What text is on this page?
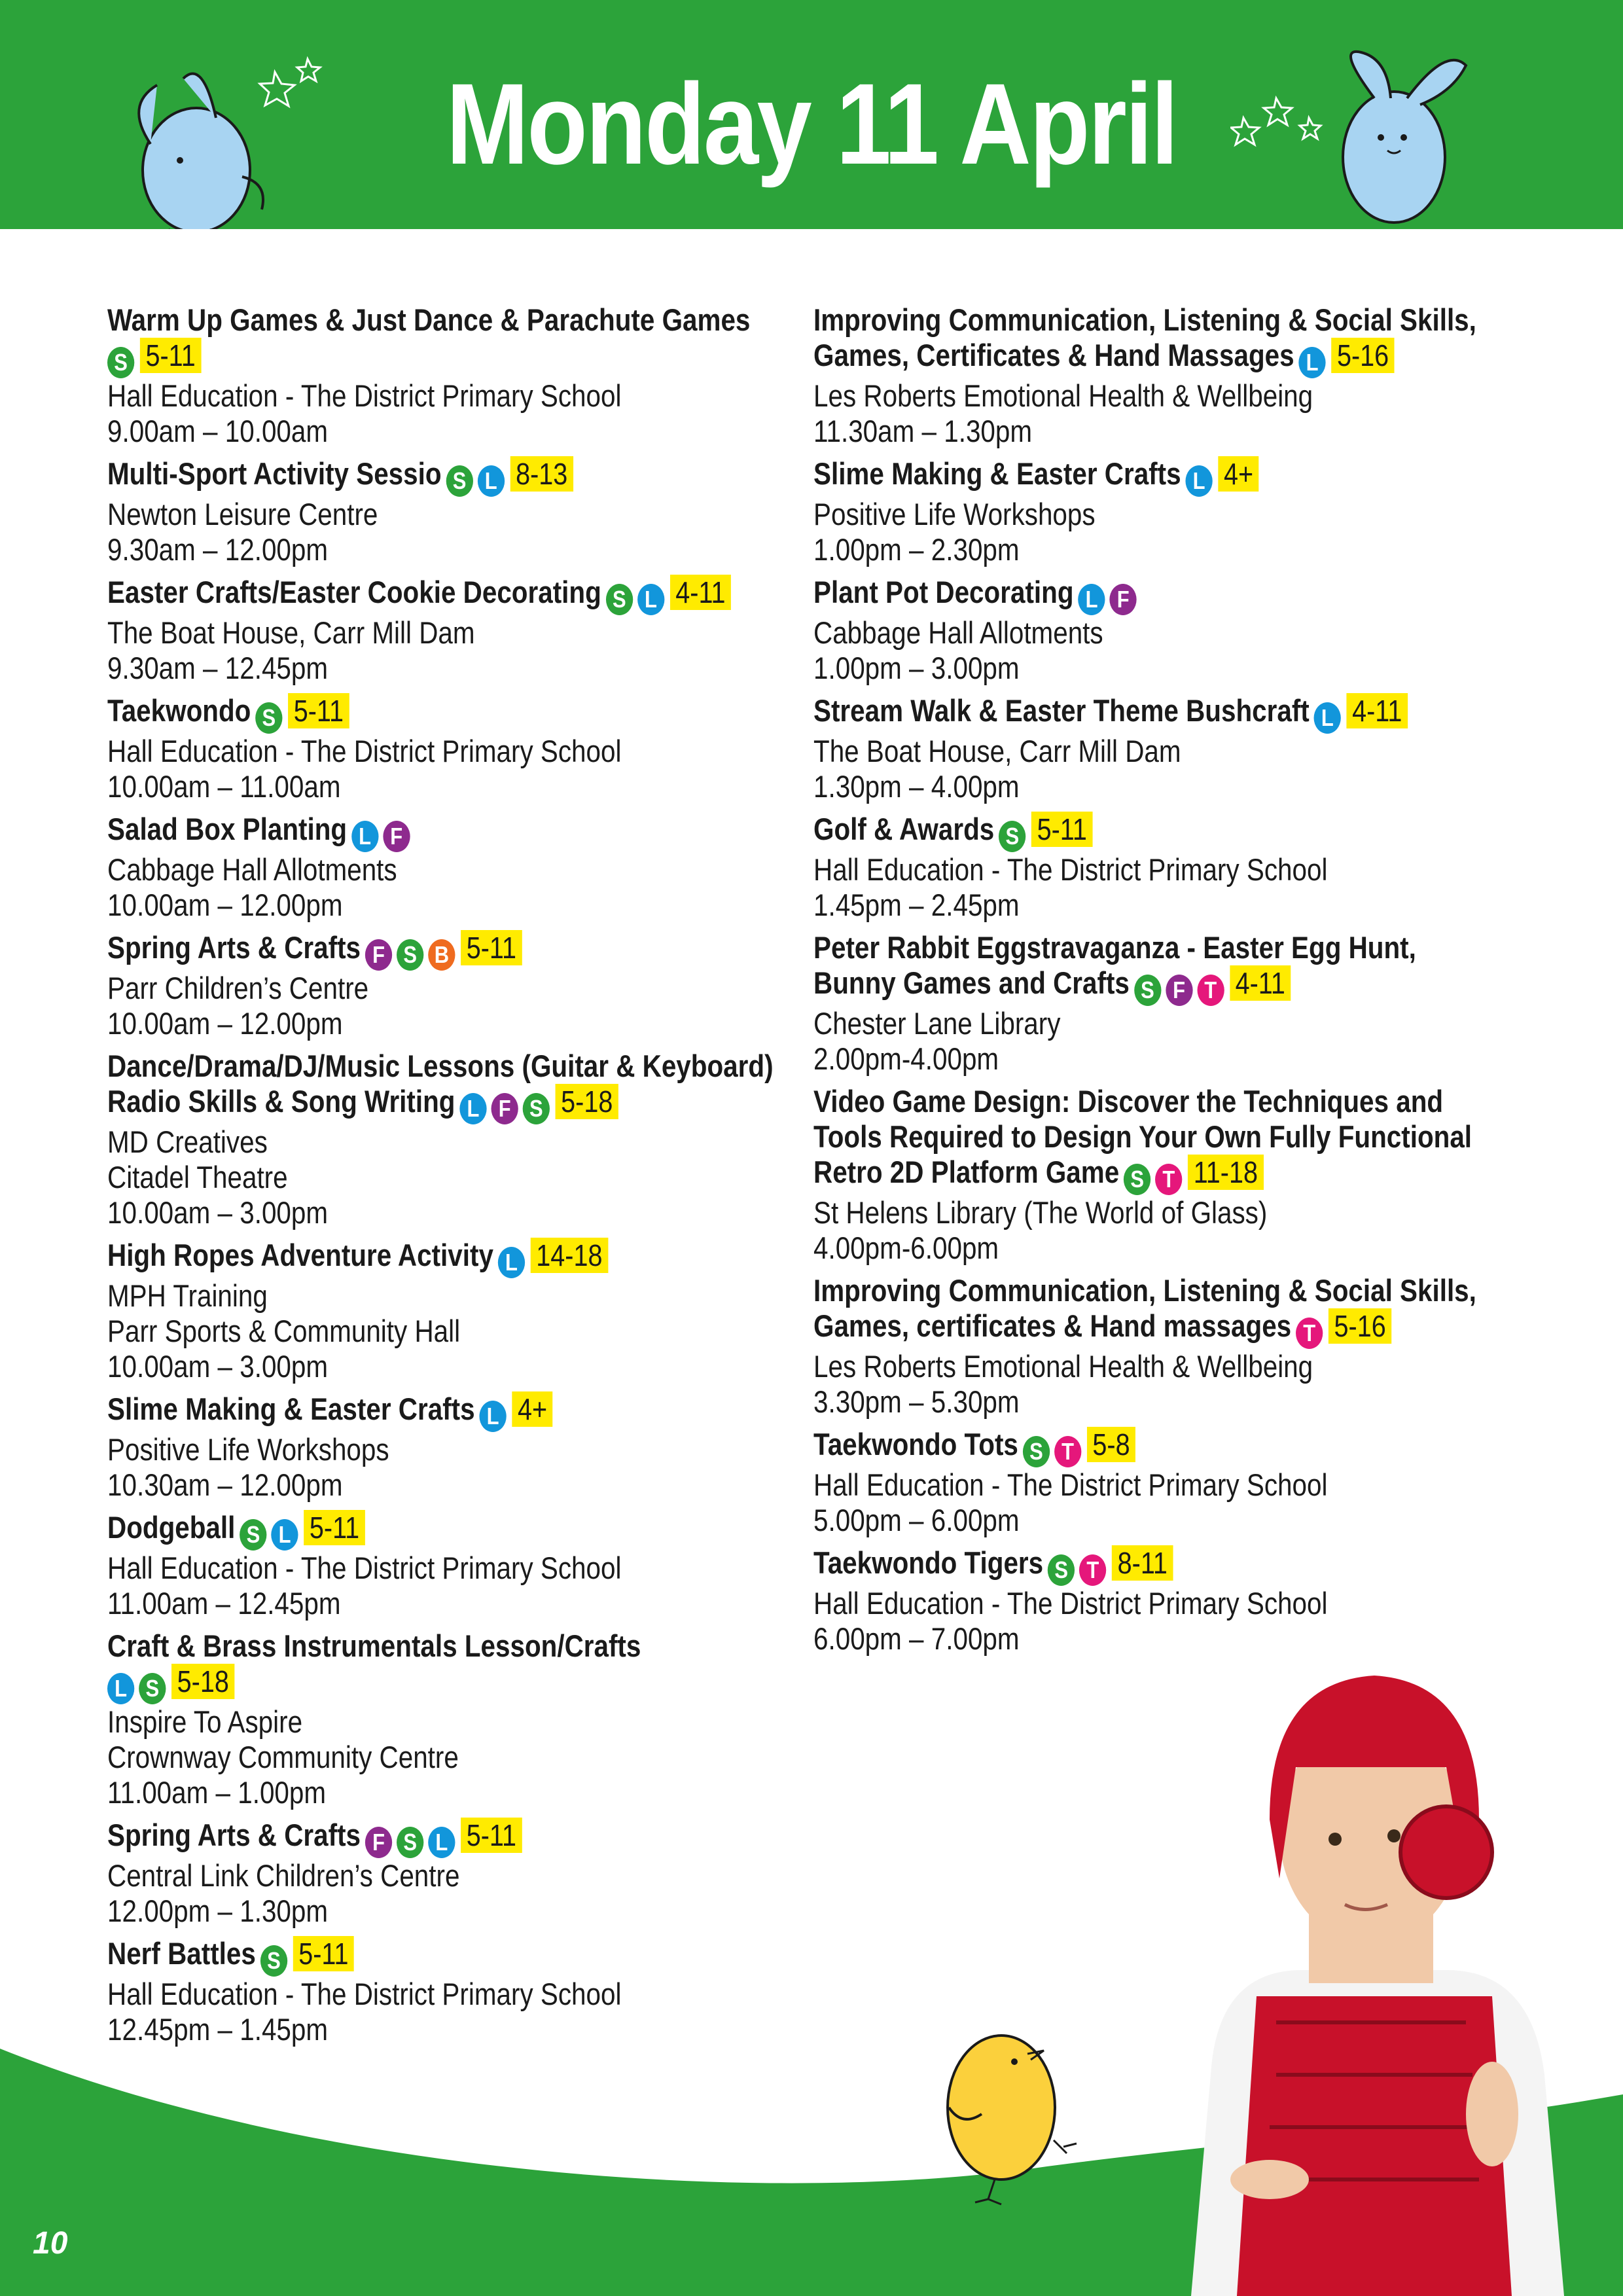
Monday 11 April
Warm Up Games & Just Dance & Parachute Games
S 5-11
Hall Education - The District Primary School
9.00am – 10.00am
Multi-Sport Activity Sessio S L 8-13
Newton Leisure Centre
9.30am – 12.00pm
Easter Crafts/Easter Cookie Decorating S L 4-11
The Boat House, Carr Mill Dam
9.30am – 12.45pm
Taekwondo S 5-11
Hall Education - The District Primary School
10.00am – 11.00am
Salad Box Planting L F
Cabbage Hall Allotments
10.00am – 12.00pm
Spring Arts & Crafts F S B 5-11
Parr Children’s Centre
10.00am – 12.00pm
Dance/Drama/DJ/Music Lessons (Guitar & Keyboard)
Radio Skills & Song Writing L F S 5-18
MD Creatives
Citadel Theatre
10.00am – 3.00pm
High Ropes Adventure Activity L 14-18
MPH Training
Parr Sports & Community Hall
10.00am – 3.00pm
Slime Making & Easter Crafts L 4+
Positive Life Workshops
10.30am – 12.00pm
Dodgeball S L 5-11
Hall Education - The District Primary School
11.00am – 12.45pm
Craft & Brass Instrumentals Lesson/Crafts
L S 5-18
Inspire To Aspire
Crownway Community Centre
11.00am – 1.00pm
Spring Arts & Crafts F S L 5-11
Central Link Children’s Centre
12.00pm – 1.30pm
Nerf Battles S 5-11
Hall Education - The District Primary School
12.45pm – 1.45pm
Improving Communication, Listening & Social Skills,
Games, Certificates & Hand Massages L 5-16
Les Roberts Emotional Health & Wellbeing
11.30am – 1.30pm
Slime Making & Easter Crafts L 4+
Positive Life Workshops
1.00pm – 2.30pm
Plant Pot Decorating L F
Cabbage Hall Allotments
1.00pm – 3.00pm
Stream Walk & Easter Theme Bushcraft L 4-11
The Boat House, Carr Mill Dam
1.30pm – 4.00pm
Golf & Awards S 5-11
Hall Education - The District Primary School
1.45pm – 2.45pm
Peter Rabbit Eggstravaganza - Easter Egg Hunt,
Bunny Games and Crafts S F T 4-11
Chester Lane Library
2.00pm-4.00pm
Video Game Design: Discover the Techniques and
Tools Required to Design Your Own Fully Functional
Retro 2D Platform Game S T 11-18
St Helens Library (The World of Glass)
4.00pm-6.00pm
Improving Communication, Listening & Social Skills,
Games, certificates & Hand massages T 5-16
Les Roberts Emotional Health & Wellbeing
3.30pm – 5.30pm
Taekwondo Tots S T 5-8
Hall Education - The District Primary School
5.00pm – 6.00pm
Taekwondo Tigers S T 8-11
Hall Education - The District Primary School
6.00pm – 7.00pm
10
